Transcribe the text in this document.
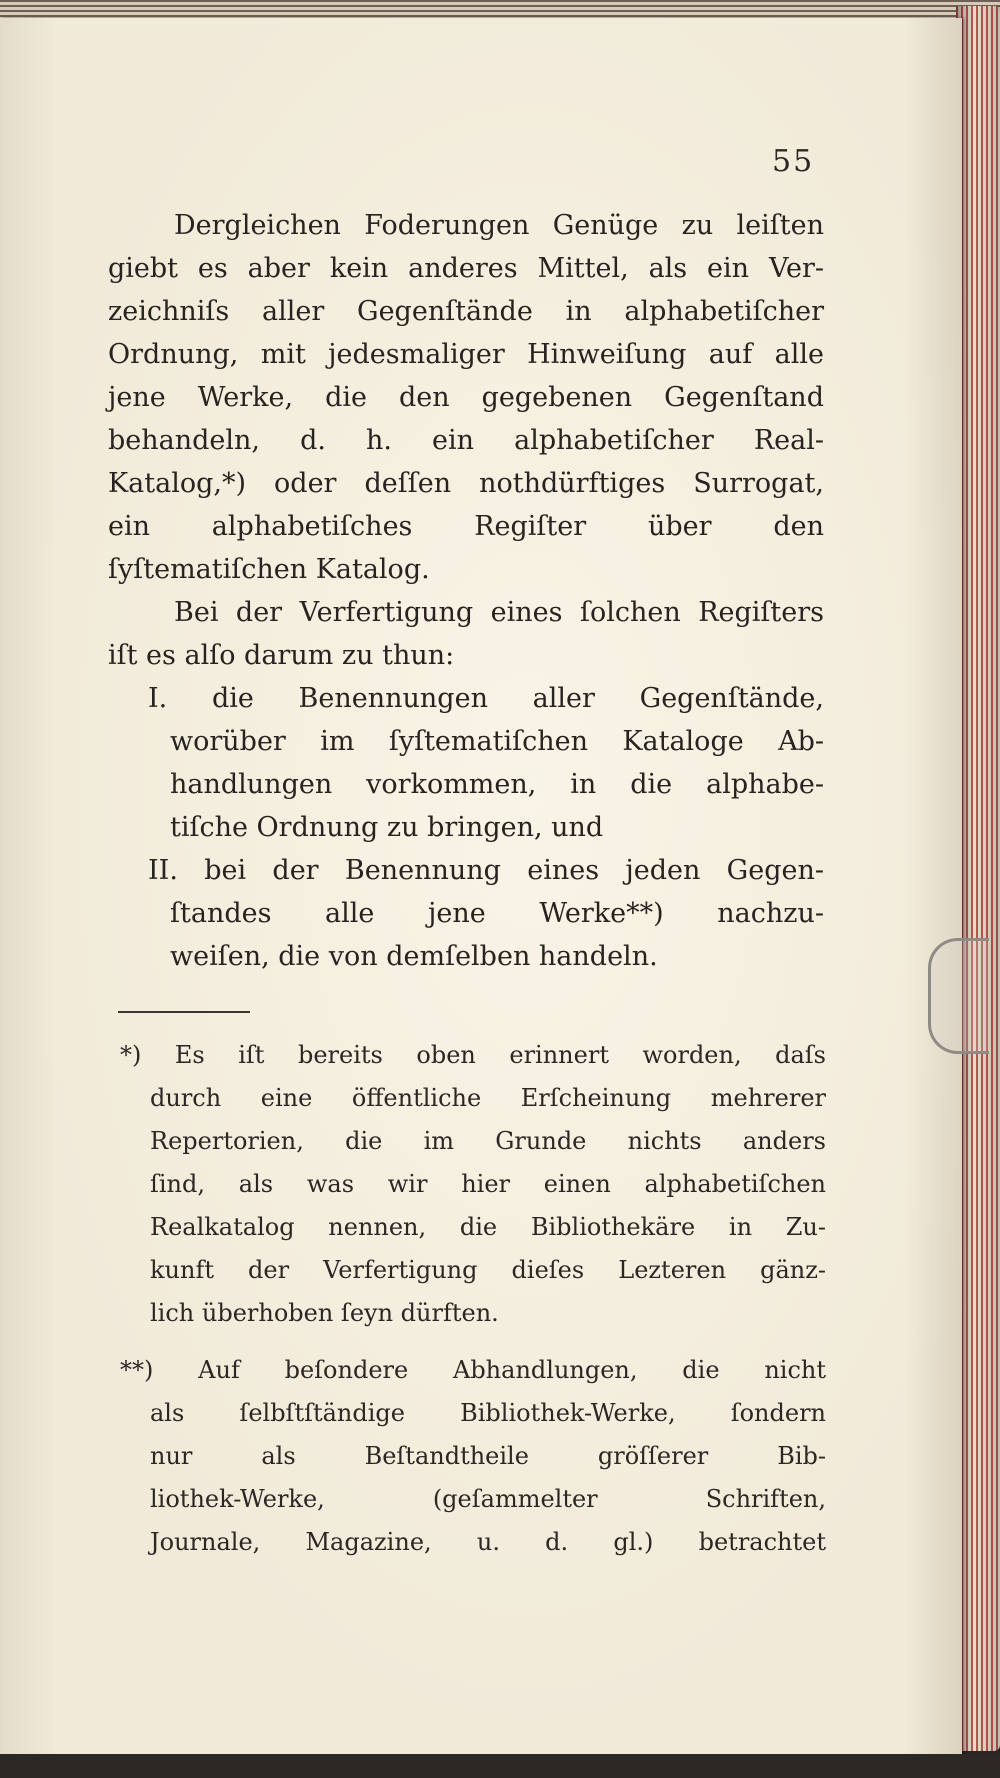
55
Dergleichen Foderungen Genüge zu leiſten
giebt es aber kein anderes Mittel, als ein Ver-
zeichniſs aller Gegenſtände in alphabetiſcher
Ordnung, mit jedesmaliger Hinweiſung auf alle
jene Werke, die den gegebenen Gegenſtand
behandeln, d. h. ein alphabetiſcher Real-
Katalog,*) oder deſſen nothdürftiges Surrogat,
ein alphabetiſches Regiſter über den
ſyſtematiſchen Katalog.
Bei der Verfertigung eines ſolchen Regiſters
iſt es alſo darum zu thun:
I. die Benennungen aller Gegenſtände,
worüber im ſyſtematiſchen Kataloge Ab-
handlungen vorkommen, in die alphabe-
tiſche Ordnung zu bringen, und
II. bei der Benennung eines jeden Gegen-
ſtandes alle jene Werke**) nachzu-
weiſen, die von demſelben handeln.
*) Es iſt bereits oben erinnert worden, daſs
durch eine öffentliche Erſcheinung mehrerer
Repertorien, die im Grunde nichts anders
ſind, als was wir hier einen alphabetiſchen
Realkatalog nennen, die Bibliothekäre in Zu-
kunft der Verfertigung dieſes Lezteren gänz-
lich überhoben ſeyn dürften.
**) Auf beſondere Abhandlungen, die nicht
als ſelbſtſtändige Bibliothek-Werke, ſondern
nur als Beſtandtheile gröſſerer Bib-
liothek-Werke, (geſammelter Schriften,
Journale, Magazine, u. d. gl.) betrachtet
